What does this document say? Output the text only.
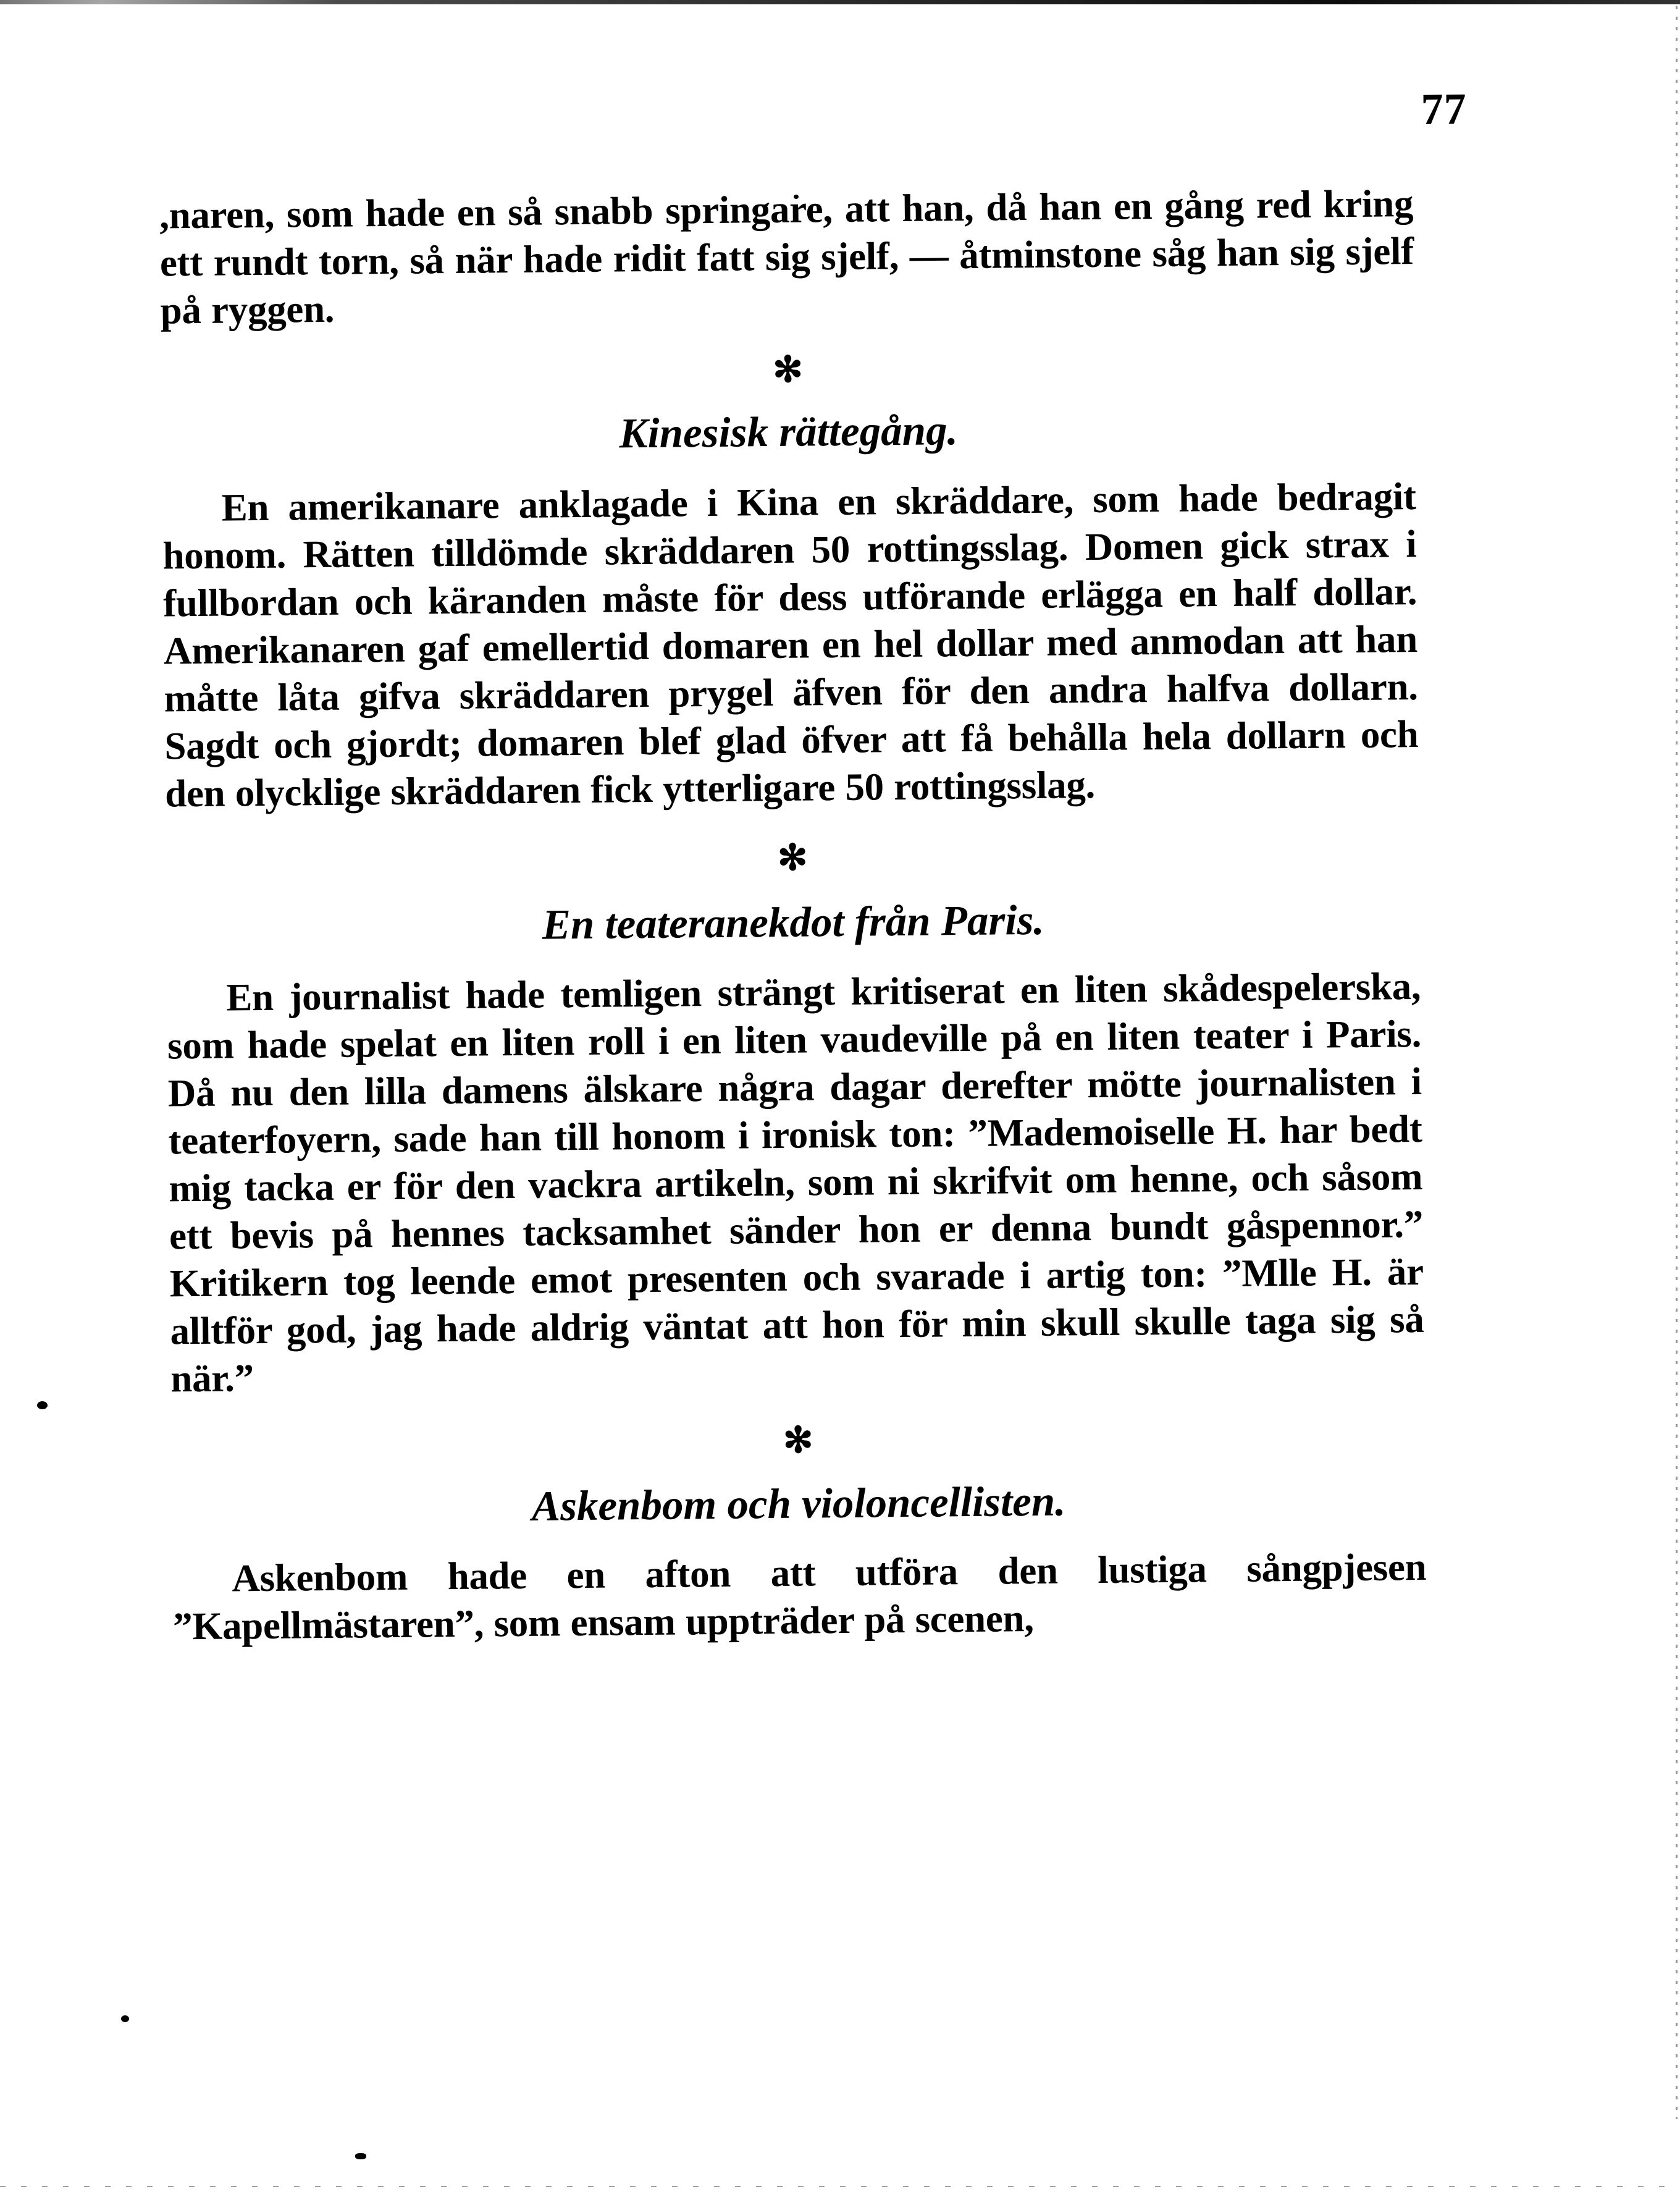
77

,naren, som hade en så snabb springare, att han, då han en gång red kring ett rundt torn, så när hade ridit fatt sig sjelf, — åtminstone såg han sig sjelf på ryggen.

✻
Kinesisk rättegång.

En amerikanare anklagade i Kina en skräddare, som hade bedragit honom. Rätten tilldömde skräddaren 50 rottingsslag. Domen gick strax i fullbordan och käranden måste för dess utförande erlägga en half dollar. Amerikanaren gaf emellertid domaren en hel dollar med anmodan att han måtte låta gifva skräddaren prygel äfven för den andra halfva dollarn. Sagdt och gjordt; domaren blef glad öfver att få behålla hela dollarn och den olycklige skräddaren fick ytterligare 50 rottingsslag.

✻
En teateranekdot från Paris.

En journalist hade temligen strängt kritiserat en liten skådespelerska, som hade spelat en liten roll i en liten vaudeville på en liten teater i Paris. Då nu den lilla damens älskare några dagar derefter mötte journalisten i teaterfoyern, sade han till honom i ironisk ton: ”Mademoiselle H. har bedt mig tacka er för den vackra artikeln, som ni skrifvit om henne, och såsom ett bevis på hennes tacksamhet sänder hon er denna bundt gåspennor.” Kritikern tog leende emot presenten och svarade i artig ton: ”Mlle H. är alltför god, jag hade aldrig väntat att hon för min skull skulle taga sig så när.”

✻
Askenbom och violoncellisten.

Askenbom hade en afton att utföra den lustiga sångpjesen ”Kapellmästaren”, som ensam uppträder på scenen,
